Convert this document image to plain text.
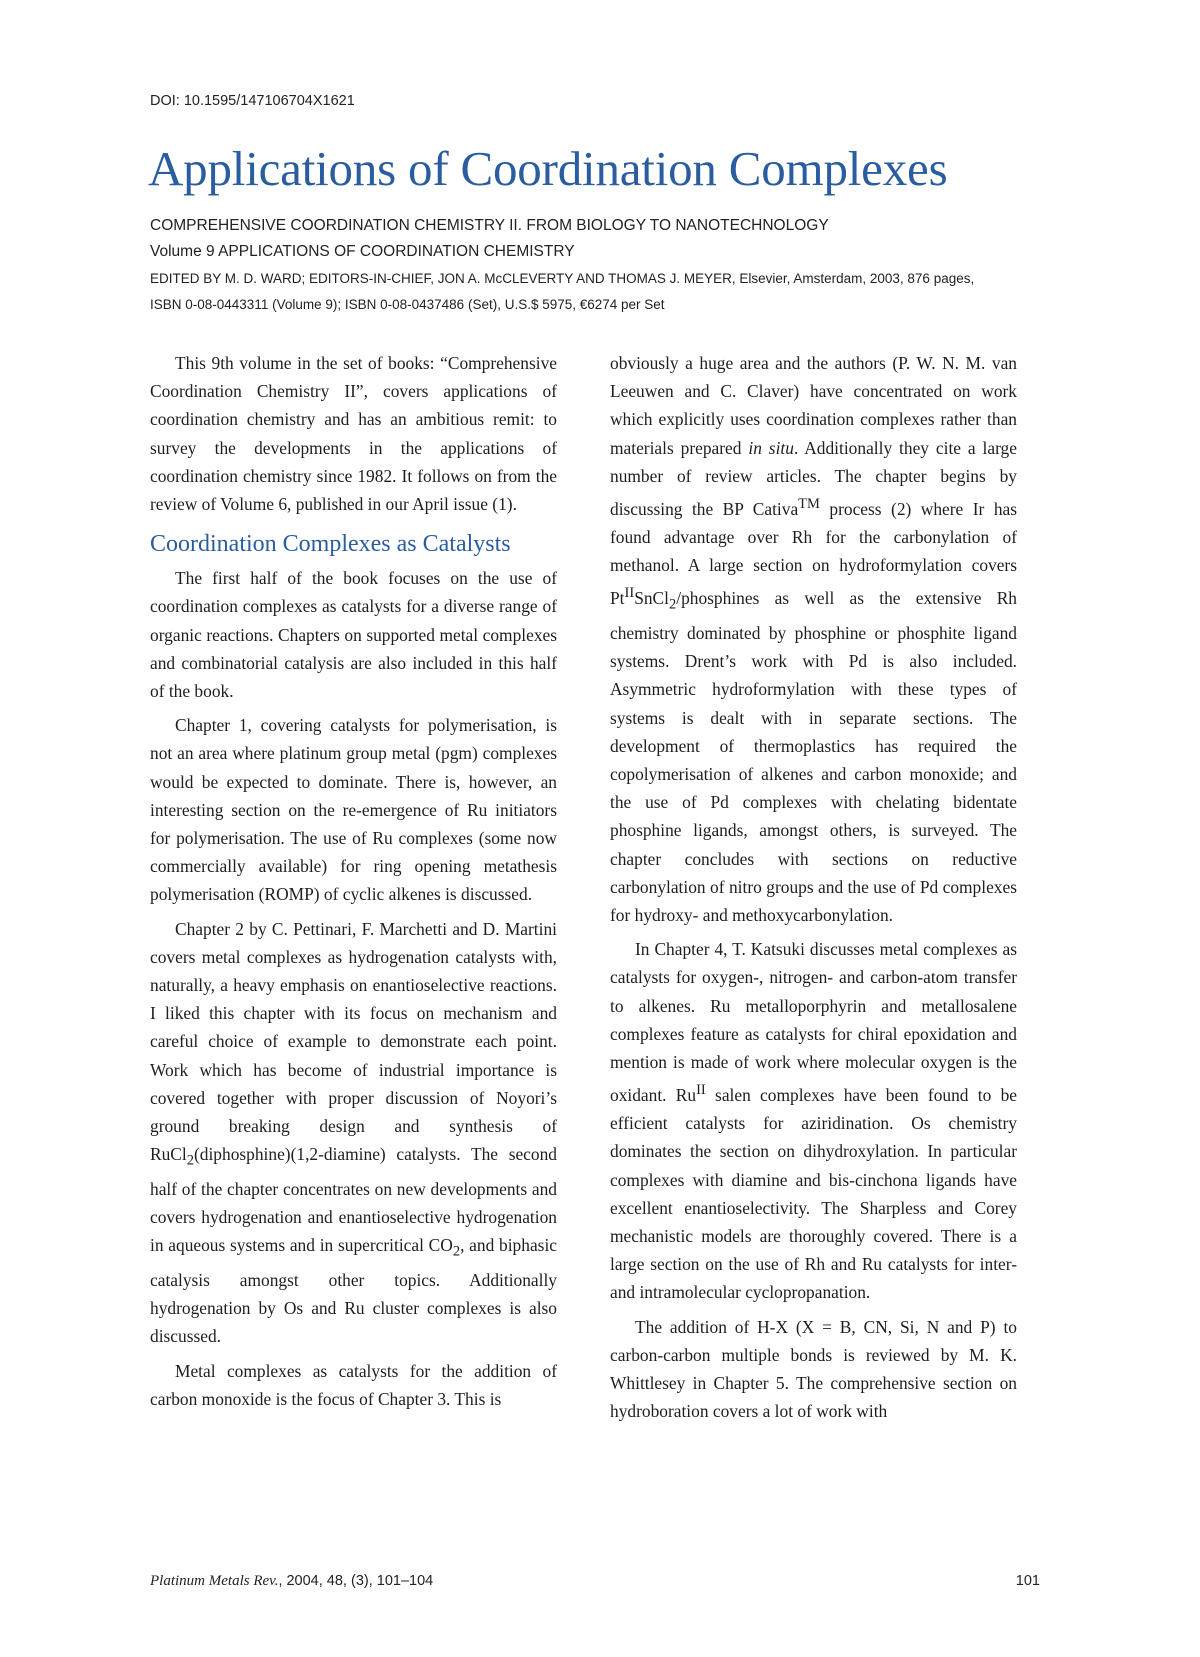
DOI: 10.1595/147106704X1621
Applications of Coordination Complexes
COMPREHENSIVE COORDINATION CHEMISTRY II. FROM BIOLOGY TO NANOTECHNOLOGY
Volume 9 APPLICATIONS OF COORDINATION CHEMISTRY
EDITED BY M. D. WARD; EDITORS-IN-CHIEF, JON A. McCLEVERTY AND THOMAS J. MEYER, Elsevier, Amsterdam, 2003, 876 pages,
ISBN 0-08-0443311 (Volume 9); ISBN 0-08-0437486 (Set), U.S.$ 5975, €6274 per Set

This 9th volume in the set of books: “Comprehensive Coordination Chemistry II”, covers applications of coordination chemistry and has an ambitious remit: to survey the developments in the applications of coordination chemistry since 1982. It follows on from the review of Volume 6, published in our April issue (1).

Coordination Complexes as Catalysts

The first half of the book focuses on the use of coordination complexes as catalysts for a diverse range of organic reactions. Chapters on supported metal complexes and combinatorial catalysis are also included in this half of the book.

Chapter 1, covering catalysts for polymerisation, is not an area where platinum group metal (pgm) complexes would be expected to dominate. There is, however, an interesting section on the re-emergence of Ru initiators for polymerisation. The use of Ru complexes (some now commercially available) for ring opening metathesis polymerisation (ROMP) of cyclic alkenes is discussed.

Chapter 2 by C. Pettinari, F. Marchetti and D. Martini covers metal complexes as hydrogenation catalysts with, naturally, a heavy emphasis on enantioselective reactions. I liked this chapter with its focus on mechanism and careful choice of example to demonstrate each point. Work which has become of industrial importance is covered together with proper discussion of Noyori’s ground breaking design and synthesis of RuCl$_2$(diphosphine)(1,2-diamine) catalysts. The second half of the chapter concentrates on new developments and covers hydrogenation and enantioselective hydrogenation in aqueous systems and in supercritical $CO_2$, and biphasic catalysis amongst other topics. Additionally hydrogenation by Os and Ru cluster complexes is also discussed.

Metal complexes as catalysts for the addition of carbon monoxide is the focus of Chapter 3. This is

obviously a huge area and the authors (P. W. N. M. van Leeuwen and C. Claver) have concentrated on work which explicitly uses coordination complexes rather than materials prepared in situ. Additionally they cite a large number of review articles. The chapter begins by discussing the BP Cativa™ process (2) where Ir has found advantage over Rh for the carbonylation of methanol. A large section on hydroformylation covers $Pt^{II}SnCl_2$/phosphines as well as the extensive Rh chemistry dominated by phosphine or phosphite ligand systems. Drent’s work with Pd is also included. Asymmetric hydroformylation with these types of systems is dealt with in separate sections. The development of thermoplastics has required the copolymerisation of alkenes and carbon monoxide; and the use of Pd complexes with chelating bidentate phosphine ligands, amongst others, is surveyed. The chapter concludes with sections on reductive carbonylation of nitro groups and the use of Pd complexes for hydroxy- and methoxycarbonylation.

In Chapter 4, T. Katsuki discusses metal complexes as catalysts for oxygen-, nitrogen- and carbon-atom transfer to alkenes. Ru metalloporphyrin and metallosalene complexes feature as catalysts for chiral epoxidation and mention is made of work where molecular oxygen is the oxidant. $Ru^{II}$ salen complexes have been found to be efficient catalysts for aziridination. Os chemistry dominates the section on dihydroxylation. In particular complexes with diamine and bis-cinchona ligands have excellent enantioselectivity. The Sharpless and Corey mechanistic models are thoroughly covered. There is a large section on the use of Rh and Ru catalysts for inter- and intramolecular cyclopropanation.

The addition of H-X (X = B, CN, Si, N and P) to carbon-carbon multiple bonds is reviewed by M. K. Whittlesey in Chapter 5. The comprehensive section on hydroboration covers a lot of work with

Platinum Metals Rev., 2004, 48, (3), 101–104	101
